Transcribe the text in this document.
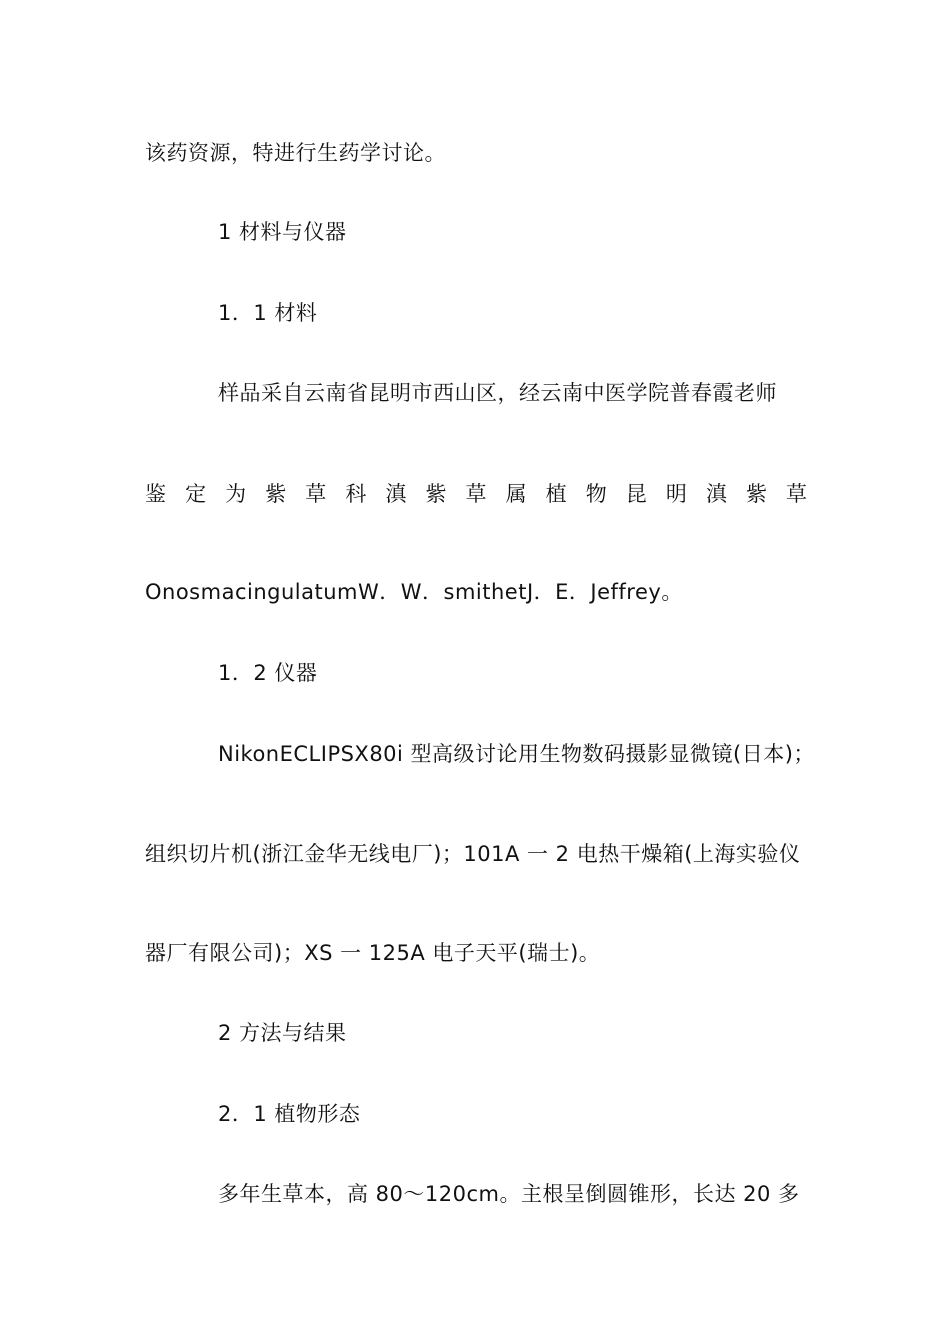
该药资源，特进行生药学讨论。
1 材料与仪器
1．1 材料
样品采自云南省昆明市西山区，经云南中医学院普春霞老师
鉴 定 为 紫 草 科 滇 紫 草 属 植 物 昆 明 滇 紫 草
OnosmacingulatumW．W．smithetJ．E．Jeffrey。
1．2 仪器
NikonECLIPSX80i 型高级讨论用生物数码摄影显微镜(日本)；
组织切片机(浙江金华无线电厂)；101A 一 2 电热干燥箱(上海实验仪
器厂有限公司)；XS 一 125A 电子天平(瑞士)。
2 方法与结果
2．1 植物形态
多年生草本，高 80～120cm。主根呈倒圆锥形，长达 20 多
